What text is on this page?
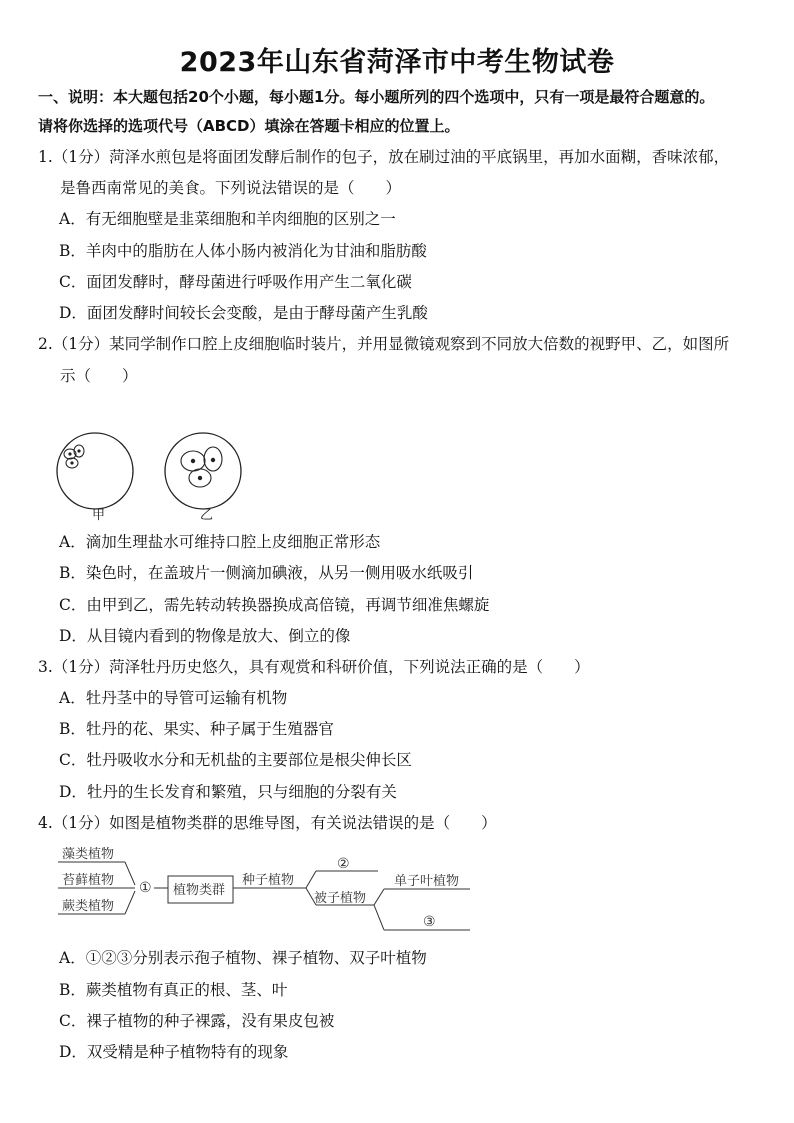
2023年山东省菏泽市中考生物试卷
一、说明：本大题包括20个小题，每小题1分。每小题所列的四个选项中，只有一项是最符合题意的。
请将你选择的选项代号（ABCD）填涂在答题卡相应的位置上。
1.（1分）菏泽水煎包是将面团发酵后制作的包子，放在刷过油的平底锅里，再加水面糊，香味浓郁，
是鲁西南常见的美食。下列说法错误的是（　　）
A．有无细胞壁是韭菜细胞和羊肉细胞的区别之一
B．羊肉中的脂肪在人体小肠内被消化为甘油和脂肪酸
C．面团发酵时，酵母菌进行呼吸作用产生二氧化碳
D．面团发酵时间较长会变酸，是由于酵母菌产生乳酸
2.（1分）某同学制作口腔上皮细胞临时装片，并用显微镜观察到不同放大倍数的视野甲、乙，如图所
示（　　）
甲	乙
A．滴加生理盐水可维持口腔上皮细胞正常形态
B．染色时，在盖玻片一侧滴加碘液，从另一侧用吸水纸吸引
C．由甲到乙，需先转动转换器换成高倍镜，再调节细准焦螺旋
D．从目镜内看到的物像是放大、倒立的像
3.（1分）菏泽牡丹历史悠久，具有观赏和科研价值，下列说法正确的是（　　）
A．牡丹茎中的导管可运输有机物
B．牡丹的花、果实、种子属于生殖器官
C．牡丹吸收水分和无机盐的主要部位是根尖伸长区
D．牡丹的生长发育和繁殖，只与细胞的分裂有关
4.（1分）如图是植物类群的思维导图，有关说法错误的是（　　）
藻类植物
苔藓植物
蕨类植物
① 植物类群
种子植物
②
被子植物
单子叶植物
③
A．①②③分别表示孢子植物、裸子植物、双子叶植物
B．蕨类植物有真正的根、茎、叶
C．裸子植物的种子裸露，没有果皮包被
D．双受精是种子植物特有的现象
